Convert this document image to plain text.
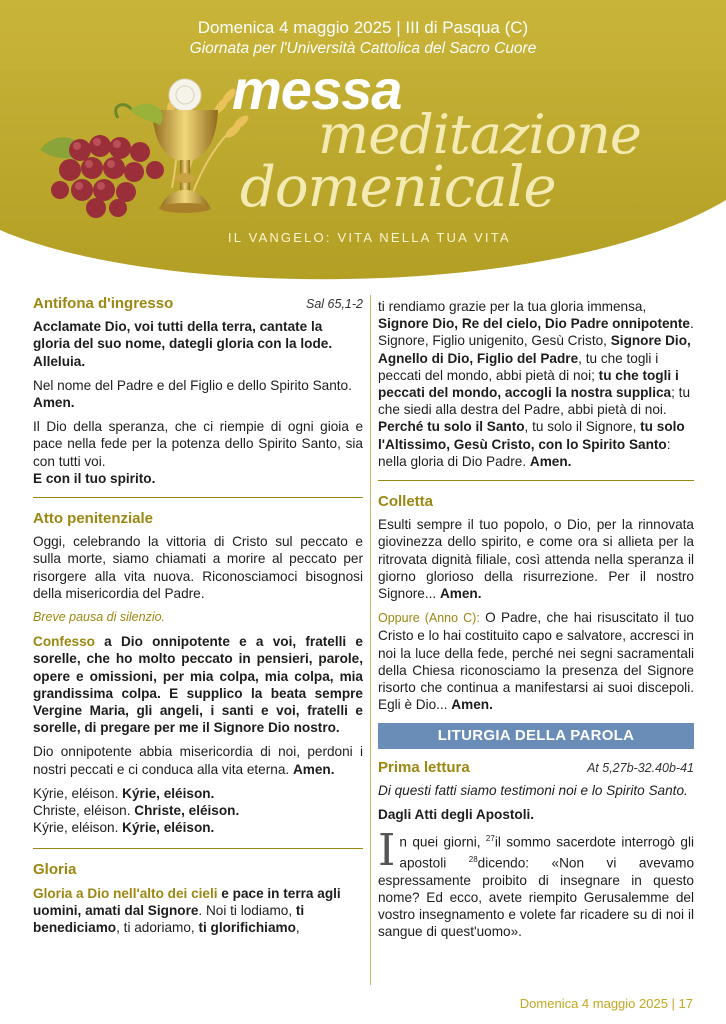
Domenica 4 maggio 2025 | III di Pasqua (C)
Giornata per l'Università Cattolica del Sacro Cuore
messa
meditazione
domenicale
IL VANGELO: VITA NELLA TUA VITA
Antifona d'ingresso	Sal 65,1-2

Acclamate Dio, voi tutti della terra, cantate la gloria del suo nome, dategli gloria con la lode. Alleluia.

Nel nome del Padre e del Figlio e dello Spirito Santo. Amen.

Il Dio della speranza, che ci riempie di ogni gioia e pace nella fede per la potenza dello Spirito Santo, sia con tutti voi.
E con il tuo spirito.

Atto penitenziale

Oggi, celebrando la vittoria di Cristo sul peccato e sulla morte, siamo chiamati a morire al peccato per risorgere alla vita nuova. Riconosciamoci bisognosi della misericordia del Padre.

Breve pausa di silenzio.

Confesso a Dio onnipotente e a voi, fratelli e sorelle, che ho molto peccato in pensieri, parole, opere e omissioni, per mia colpa, mia colpa, mia grandissima colpa. E supplico la beata sempre Vergine Maria, gli angeli, i santi e voi, fratelli e sorelle, di pregare per me il Signore Dio nostro.

Dio onnipotente abbia misericordia di noi, perdoni i nostri peccati e ci conduca alla vita eterna. Amen.

Kýrie, eléison. Kýrie, eléison.
Christe, eléison. Christe, eléison.
Kýrie, eléison. Kýrie, eléison.
Gloria

Gloria a Dio nell'alto dei cieli e pace in terra agli uomini, amati dal Signore. Noi ti lodiamo, ti benediciamo, ti adoriamo, ti glorifichiamo,

ti rendiamo grazie per la tua gloria immensa, Signore Dio, Re del cielo, Dio Padre onnipotente. Signore, Figlio unigenito, Gesù Cristo, Signore Dio, Agnello di Dio, Figlio del Padre, tu che togli i peccati del mondo, abbi pietà di noi; tu che togli i peccati del mondo, accogli la nostra supplica; tu che siedi alla destra del Padre, abbi pietà di noi. Perché tu solo il Santo, tu solo il Signore, tu solo l'Altissimo, Gesù Cristo, con lo Spirito Santo: nella gloria di Dio Padre. Amen.

Colletta

Esulti sempre il tuo popolo, o Dio, per la rinnovata giovinezza dello spirito, e come ora si allieta per la ritrovata dignità filiale, così attenda nella speranza il giorno glorioso della risurrezione. Per il nostro Signore... Amen.

Oppure (Anno C): O Padre, che hai risuscitato il tuo Cristo e lo hai costituito capo e salvatore, accresci in noi la luce della fede, perché nei segni sacramentali della Chiesa riconosciamo la presenza del Signore risorto che continua a manifestarsi ai suoi discepoli. Egli è Dio... Amen.

LITURGIA DELLA PAROLA
Prima lettura	At 5,27b-32.40b-41

Di questi fatti siamo testimoni noi e lo Spirito Santo.

Dagli Atti degli Apostoli.

In quei giorni, $^{27}$il sommo sacerdote interrogò gli apostoli $^{28}$dicendo: «Non vi avevamo espressamente proibito di insegnare in questo nome? Ed ecco, avete riempito Gerusalemme del vostro insegnamento e volete far ricadere su di noi il sangue di quest'uomo».

Domenica 4 maggio 2025 | 17
